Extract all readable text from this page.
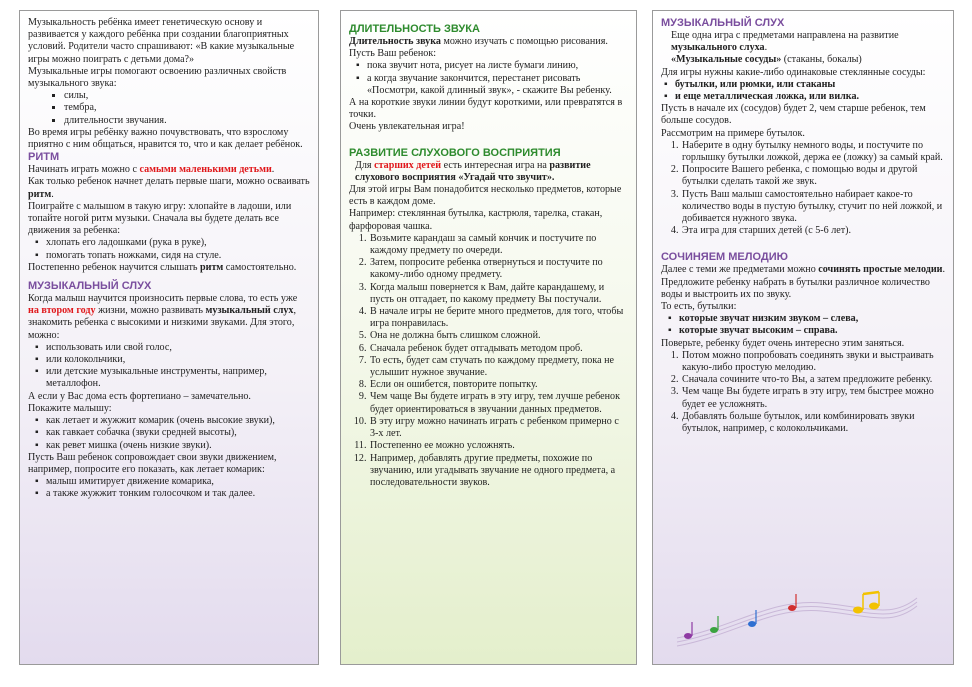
Музыкальность ребёнка имеет генетическую основу и развивается у каждого ребёнка при создании благоприятных условий. Родители часто спрашивают: «В какие музыкальные игры можно поиграть с детьми дома?»

Музыкальные игры помогают освоению различных свойств музыкального звука:

▪ силы,
▪ тембра,
▪ длительности звучания.

Во время игры ребёнку важно почувствовать, что взрослому приятно с ним общаться, нравится то, что и как делает ребёнок.

РИТМ

Начинать играть можно с самыми маленькими детьми.

Как только ребенок начнет делать первые шаги, можно осваивать ритм.

Поиграйте с малышом в такую игру: хлопайте в ладоши, или топайте ногой ритм музыки. Сначала вы будете делать все движения за ребенка:

▪ хлопать его ладошками (рука в руке),
▪ помогать топать ножками, сидя на стуле.

Постепенно ребенок научится слышать ритм самостоятельно.

МУЗЫКАЛЬНЫЙ СЛУХ

Когда малыш научится произносить первые слова, то есть уже на втором году жизни, можно развивать музыкальный слух, знакомить ребенка с высокими и низкими звуками. Для этого, можно:

▪ использовать или свой голос,
▪ или колокольчики,
▪ или детские музыкальные инструменты, например, металлофон.

А если у Вас дома есть фортепиано – замечательно.

Покажите малышу:

▪ как летает и жужжит комарик (очень высокие звуки),
▪ как гавкает собачка (звуки средней высоты),
▪ как ревет мишка (очень низкие звуки).

Пусть Ваш ребенок сопровождает свои звуки движением, например, попросите его показать, как летает комарик:

▪ малыш имитирует движение комарика,
▪ а также жужжит тонким голосочком и так далее.

ДЛИТЕЛЬНОСТЬ ЗВУКА

Длительность звука можно изучать с помощью рисования.

Пусть Ваш ребенок:

▪ пока звучит нота, рисует на листе бумаги линию,
▪ а когда звучание закончится, перестанет рисовать «Посмотри, какой длинный звук», - скажите Вы ребенку.

А на короткие звуки линии будут короткими, или превратятся в точки.

Очень увлекательная игра!

РАЗВИТИЕ СЛУХОВОГО ВОСПРИЯТИЯ

Для старших детей есть интересная игра на развитие слухового восприятия «Угадай что звучит».

Для этой игры Вам понадобится несколько предметов, которые есть в каждом доме.

Например: стеклянная бутылка, кастрюля, тарелка, стакан, фарфоровая чашка.

1. Возьмите карандаш за самый кончик и постучите по каждому предмету по очереди.
2. Затем, попросите ребенка отвернуться и постучите по какому-либо одному предмету.
3. Когда малыш повернется к Вам, дайте карандашему, и пусть он отгадает, по какому предмету Вы постучали.
4. В начале игры не берите много предметов, для того, чтобы игра понравилась.
5. Она не должна быть слишком сложной.
6. Сначала ребенок будет отгадывать методом проб.
7. То есть, будет сам стучать по каждому предмету, пока не услышит нужное звучание.
8. Если он ошибется, повторите попытку.
9. Чем чаще Вы будете играть в эту игру, тем лучше ребенок будет ориентироваться в звучании данных предметов.
10. В эту игру можно начинать играть с ребенком примерно с 3-х лет.
11. Постепенно ее можно усложнять.
12. Например, добавлять другие предметы, похожие по звучанию, или угадывать звучание не одного предмета, а последовательности звуков.

МУЗЫКАЛЬНЫЙ СЛУХ

Еще одна игра с предметами направлена на развитие музыкального слуха.

«Музыкальные сосуды» (стаканы, бокалы)

Для игры нужны какие-либо одинаковые стеклянные сосуды:

▪ бутылки, или рюмки, или стаканы
▪ и еще металлическая ложка, или вилка.

Пусть в начале их (сосудов) будет 2, чем старше ребенок, тем больше сосудов.

Рассмотрим на примере бутылок.

1. Наберите в одну бутылку немного воды, и постучите по горлышку бутылки ложкой, держа ее (ложку) за самый край.
2. Попросите Вашего ребенка, с помощью воды и другой бутылки сделать такой же звук.
3. Пусть Ваш малыш самостоятельно набирает какое-то количество воды в пустую бутылку, стучит по ней ложкой, и добивается нужного звука.
4. Эта игра для старших детей (с 5-6 лет).

СОЧИНЯЕМ МЕЛОДИЮ

Далее с теми же предметами можно сочинять простые мелодии.

Предложите ребенку набрать в бутылки различное количество воды и выстроить их по звуку.

То есть, бутылки:

▪ которые звучат низким звуком – слева,
▪ которые звучат высоким – справа.

Поверьте, ребенку будет очень интересно этим заняться.

1. Потом можно попробовать соединять звуки и выстраивать какую-либо простую мелодию.
2. Сначала сочините что-то Вы, а затем предложите ребенку.
3. Чем чаще Вы будете играть в эту игру, тем быстрее можно будет ее усложнять.
4. Добавлять больше бутылок, или комбинировать звуки бутылок, например, с колокольчиками.
